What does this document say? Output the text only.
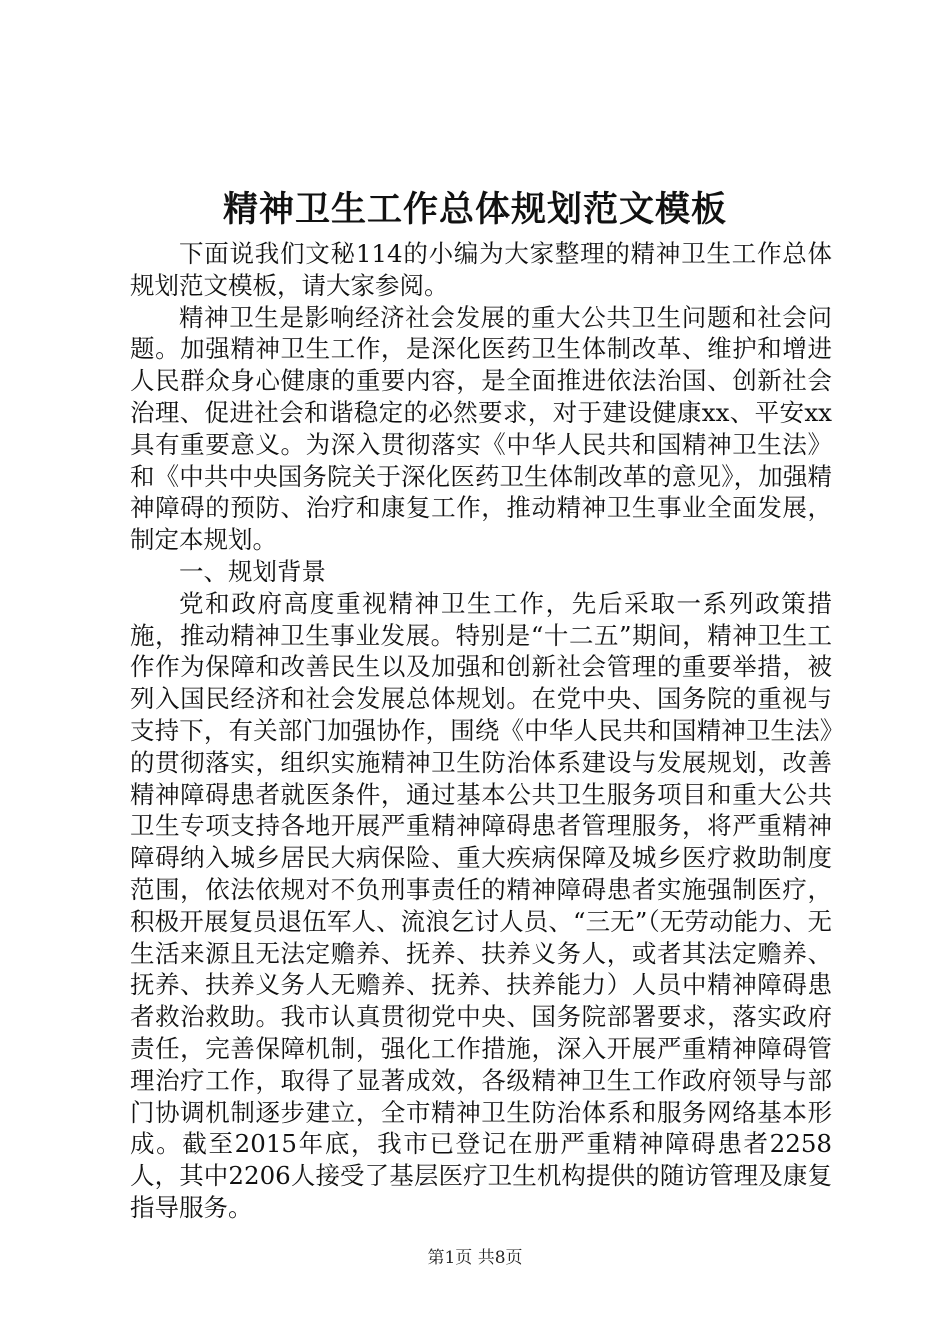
精神卫生工作总体规划范文模板

下面说我们文秘114的小编为大家整理的精神卫生工作总体规划范文模板，请大家参阅。

精神卫生是影响经济社会发展的重大公共卫生问题和社会问题。加强精神卫生工作，是深化医药卫生体制改革、维护和增进人民群众身心健康的重要内容，是全面推进依法治国、创新社会治理、促进社会和谐稳定的必然要求，对于建设健康xx、平安xx具有重要意义。为深入贯彻落实《中华人民共和国精神卫生法》和《中共中央国务院关于深化医药卫生体制改革的意见》，加强精神障碍的预防、治疗和康复工作，推动精神卫生事业全面发展，制定本规划。

一、规划背景

党和政府高度重视精神卫生工作，先后采取一系列政策措施，推动精神卫生事业发展。特别是“十二五”期间，精神卫生工作作为保障和改善民生以及加强和创新社会管理的重要举措，被列入国民经济和社会发展总体规划。在党中央、国务院的重视与支持下，有关部门加强协作，围绕《中华人民共和国精神卫生法》的贯彻落实，组织实施精神卫生防治体系建设与发展规划，改善精神障碍患者就医条件，通过基本公共卫生服务项目和重大公共卫生专项支持各地开展严重精神障碍患者管理服务，将严重精神障碍纳入城乡居民大病保险、重大疾病保障及城乡医疗救助制度范围，依法依规对不负刑事责任的精神障碍患者实施强制医疗，积极开展复员退伍军人、流浪乞讨人员、“三无”（无劳动能力、无生活来源且无法定赡养、抚养、扶养义务人，或者其法定赡养、抚养、扶养义务人无赡养、抚养、扶养能力）人员中精神障碍患者救治救助。我市认真贯彻党中央、国务院部署要求，落实政府责任，完善保障机制，强化工作措施，深入开展严重精神障碍管理治疗工作，取得了显著成效，各级精神卫生工作政府领导与部门协调机制逐步建立，全市精神卫生防治体系和服务网络基本形成。截至2015年底，我市已登记在册严重精神障碍患者2258人，其中2206人接受了基层医疗卫生机构提供的随访管理及康复指导服务。

第1页 共8页
